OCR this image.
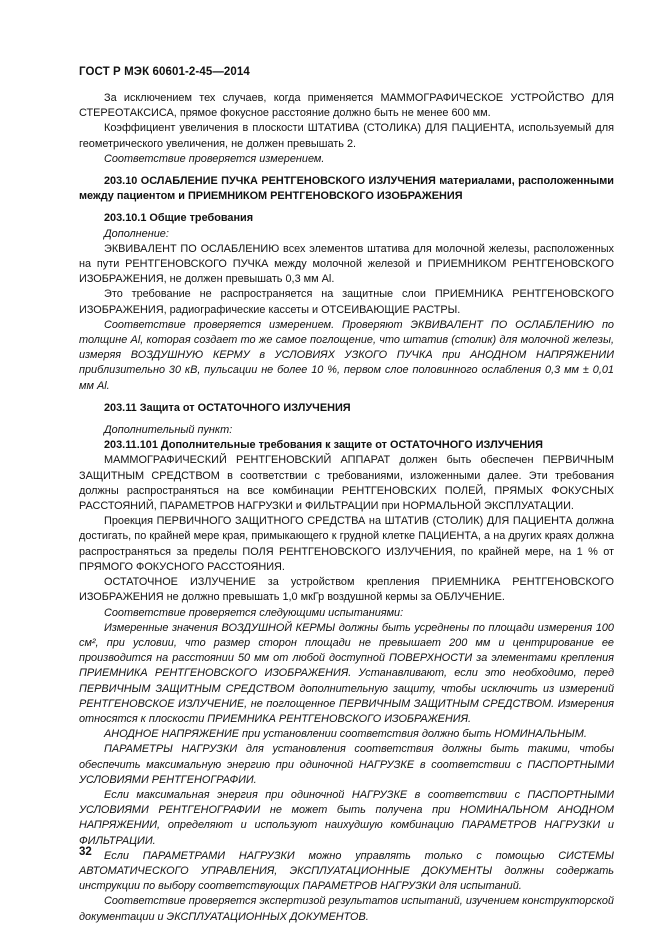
ГОСТ Р МЭК 60601-2-45—2014

За исключением тех случаев, когда применяется МАММОГРАФИЧЕСКОЕ УСТРОЙСТВО ДЛЯ СТЕРЕОТАКСИСА, прямое фокусное расстояние должно быть не менее 600 мм.

Коэффициент увеличения в плоскости ШТАТИВА (СТОЛИКА) ДЛЯ ПАЦИЕНТА, используемый для геометрического увеличения, не должен превышать 2.

Соответствие проверяется измерением.

203.10 ОСЛАБЛЕНИЕ ПУЧКА РЕНТГЕНОВСКОГО ИЗЛУЧЕНИЯ материалами, расположенными между пациентом и ПРИЕМНИКОМ РЕНТГЕНОВСКОГО ИЗОБРАЖЕНИЯ

203.10.1 Общие требования

Дополнение:

ЭКВИВАЛЕНТ ПО ОСЛАБЛЕНИЮ всех элементов штатива для молочной железы, расположенных на пути РЕНТГЕНОВСКОГО ПУЧКА между молочной железой и ПРИЕМНИКОМ РЕНТГЕНОВСКОГО ИЗОБРАЖЕНИЯ, не должен превышать 0,3 мм Al.

Это требование не распространяется на защитные слои ПРИЕМНИКА РЕНТГЕНОВСКОГО ИЗОБРАЖЕНИЯ, радиографические кассеты и ОТСЕИВАЮЩИЕ РАСТРЫ.

Соответствие проверяется измерением. Проверяют ЭКВИВАЛЕНТ ПО ОСЛАБЛЕНИЮ по толщине Al, которая создает то же самое поглощение, что штатив (столик) для молочной железы, измеряя ВОЗДУШНУЮ КЕРМУ в УСЛОВИЯХ УЗКОГО ПУЧКА при АНОДНОМ НАПРЯЖЕНИИ приблизительно 30 кВ, пульсации не более 10 %, первом слое половинного ослабления 0,3 мм ± 0,01 мм Al.

203.11 Защита от ОСТАТОЧНОГО ИЗЛУЧЕНИЯ

Дополнительный пункт:

203.11.101 Дополнительные требования к защите от ОСТАТОЧНОГО ИЗЛУЧЕНИЯ

МАММОГРАФИЧЕСКИЙ РЕНТГЕНОВСКИЙ АППАРАТ должен быть обеспечен ПЕРВИЧНЫМ ЗАЩИТНЫМ СРЕДСТВОМ в соответствии с требованиями, изложенными далее. Эти требования должны распространяться на все комбинации РЕНТГЕНОВСКИХ ПОЛЕЙ, ПРЯМЫХ ФОКУСНЫХ РАССТОЯНИЙ, ПАРАМЕТРОВ НАГРУЗКИ и ФИЛЬТРАЦИИ при НОРМАЛЬНОЙ ЭКСПЛУАТАЦИИ.

Проекция ПЕРВИЧНОГО ЗАЩИТНОГО СРЕДСТВА на ШТАТИВ (СТОЛИК) ДЛЯ ПАЦИЕНТА должна достигать, по крайней мере края, примыкающего к грудной клетке ПАЦИЕНТА, а на других краях должна распространяться за пределы ПОЛЯ РЕНТГЕНОВСКОГО ИЗЛУЧЕНИЯ, по крайней мере, на 1 % от ПРЯМОГО ФОКУСНОГО РАССТОЯНИЯ.

ОСТАТОЧНОЕ ИЗЛУЧЕНИЕ за устройством крепления ПРИЕМНИКА РЕНТГЕНОВСКОГО ИЗОБРАЖЕНИЯ не должно превышать 1,0 мкГр воздушной кермы за ОБЛУЧЕНИЕ.

Соответствие проверяется следующими испытаниями:

Измеренные значения ВОЗДУШНОЙ КЕРМЫ должны быть усреднены по площади измерения 100 см², при условии, что размер сторон площади не превышает 200 мм и центрирование ее производится на расстоянии 50 мм от любой доступной ПОВЕРХНОСТИ за элементами крепления ПРИЕМНИКА РЕНТГЕНОВСКОГО ИЗОБРАЖЕНИЯ. Устанавливают, если это необходимо, перед ПЕРВИЧНЫМ ЗАЩИТНЫМ СРЕДСТВОМ дополнительную защиту, чтобы исключить из измерений РЕНТГЕНОВСКОЕ ИЗЛУЧЕНИЕ, не поглощенное ПЕРВИЧНЫМ ЗАЩИТНЫМ СРЕДСТВОМ. Измерения относятся к плоскости ПРИЕМНИКА РЕНТГЕНОВСКОГО ИЗОБРАЖЕНИЯ.

АНОДНОЕ НАПРЯЖЕНИЕ при установлении соответствия должно быть НОМИНАЛЬНЫМ.

ПАРАМЕТРЫ НАГРУЗКИ для установления соответствия должны быть такими, чтобы обеспечить максимальную энергию при одиночной НАГРУЗКЕ в соответствии с ПАСПОРТНЫМИ УСЛОВИЯМИ РЕНТГЕНОГРАФИИ.

Если максимальная энергия при одиночной НАГРУЗКЕ в соответствии с ПАСПОРТНЫМИ УСЛОВИЯМИ РЕНТГЕНОГРАФИИ не может быть получена при НОМИНАЛЬНОМ АНОДНОМ НАПРЯЖЕНИИ, определяют и используют наихудшую комбинацию ПАРАМЕТРОВ НАГРУЗКИ и ФИЛЬТРАЦИИ.

Если ПАРАМЕТРАМИ НАГРУЗКИ можно управлять только с помощью СИСТЕМЫ АВТОМАТИЧЕСКОГО УПРАВЛЕНИЯ, ЭКСПЛУАТАЦИОННЫЕ ДОКУМЕНТЫ должны содержать инструкции по выбору соответствующих ПАРАМЕТРОВ НАГРУЗКИ для испытаний.

Соответствие проверяется экспертизой результатов испытаний, изучением конструкторской документации и ЭКСПЛУАТАЦИОННЫХ ДОКУМЕНТОВ.

32
